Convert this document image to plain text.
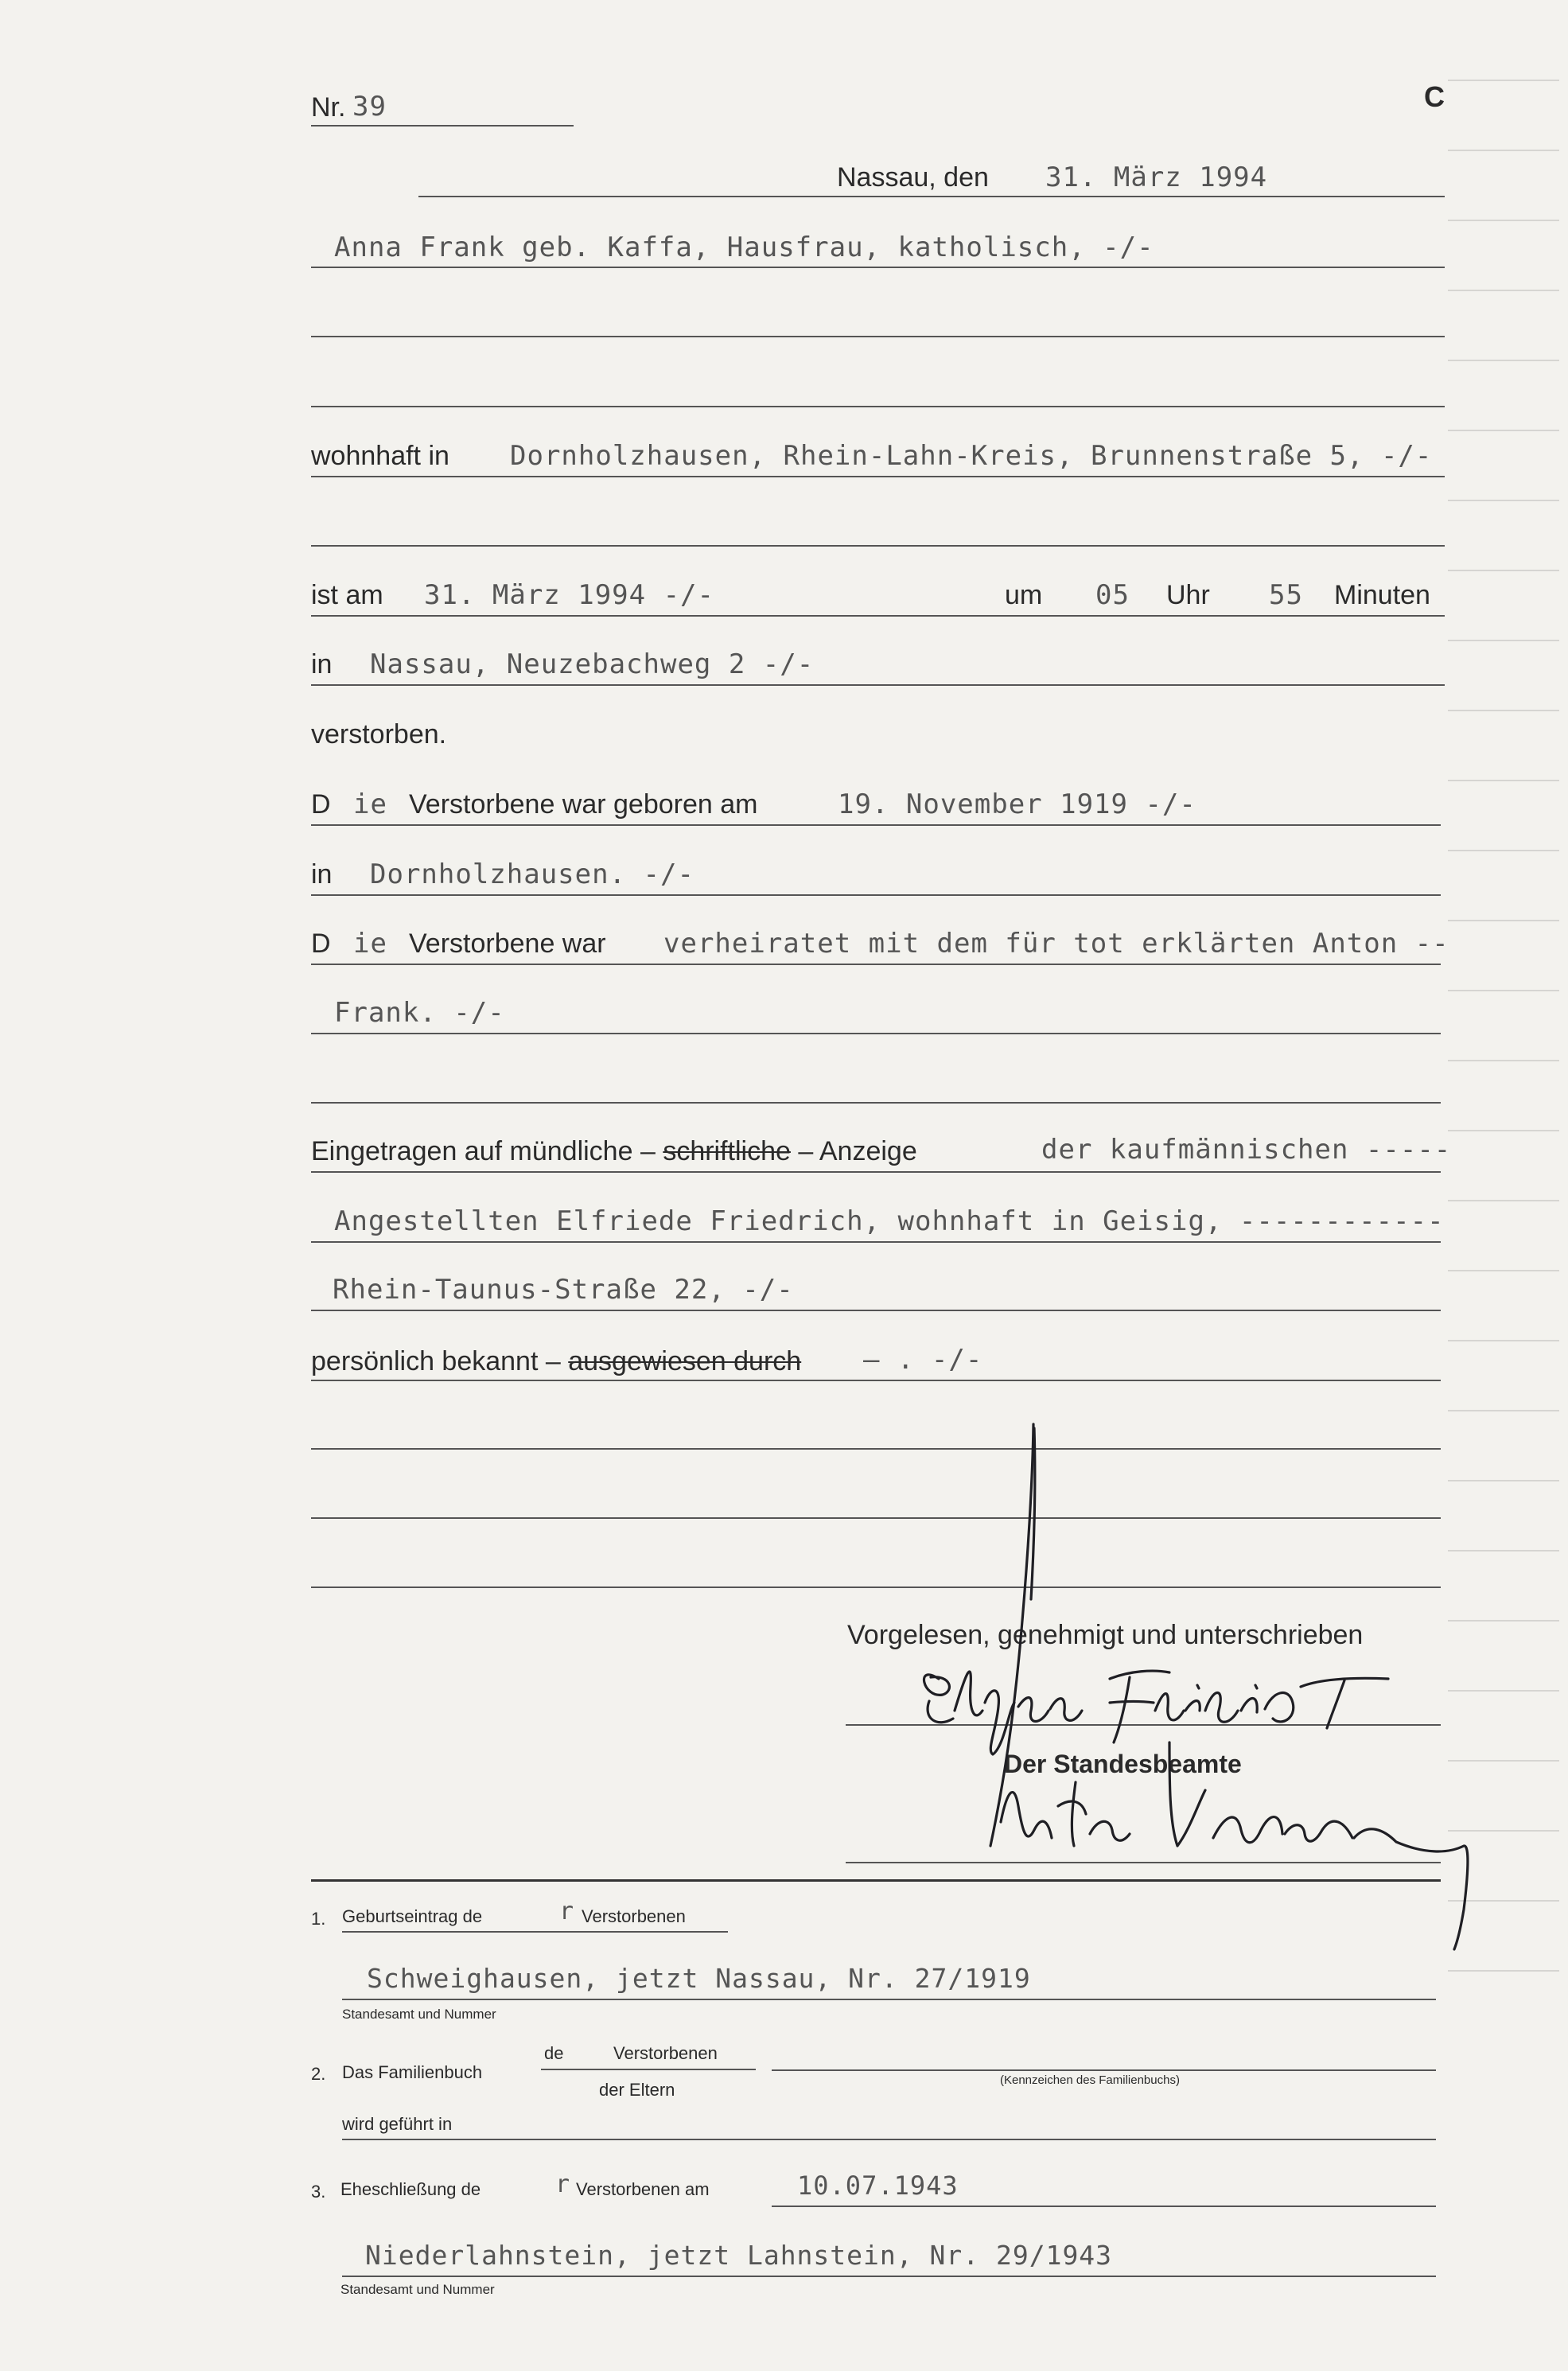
Nr. 39	C
Nassau, den 31. März 1994
Anna Frank geb. Kaffa, Hausfrau, katholisch, -/-
wohnhaft in Dornholzhausen, Rhein-Lahn-Kreis, Brunnenstraße 5, -/-
ist am 31. März 1994 -/-	um 05 Uhr 55 Minuten
in Nassau, Neuzebachweg 2 -/-
verstorben.
D ie Verstorbene war geboren am	19. November 1919 -/-
in Dornholzhausen. -/-
D ie Verstorbene war verheiratet mit dem für tot erklärten Anton --
Frank. -/-
Eingetragen auf mündliche – schriftliche – Anzeige	der kaufmännischen -----
Angestellten Elfriede Friedrich, wohnhaft in Geisig, ------------
Rhein-Taunus-Straße 22, -/-
persönlich bekannt – ausgewiesen durch – . -/-
Vorgelesen, genehmigt und unterschrieben
Der Standesbeamte
1. Geburtseintrag de	r Verstorbenen
Schweighausen, jetzt Nassau, Nr. 27/1919
Standesamt und Nummer
2. Das Familienbuch
de	Verstorbenen
der Eltern	(Kennzeichen des Familienbuchs)
wird geführt in
3. Eheschließung de	r Verstorbenen am	10.07.1943
Niederlahnstein, jetzt Lahnstein, Nr. 29/1943
Standesamt und Nummer
